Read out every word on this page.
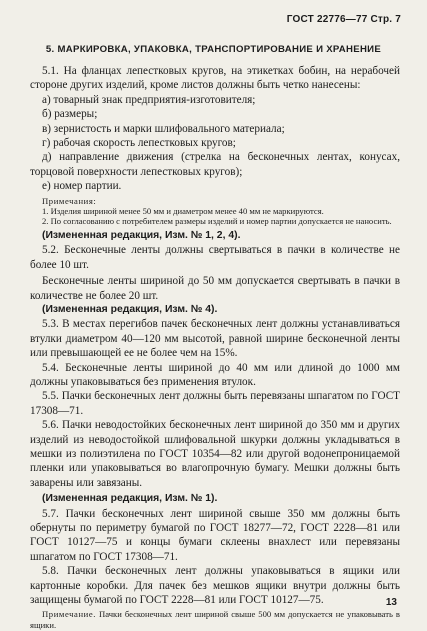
ГОСТ 22776—77 Стр. 7
5. МАРКИРОВКА, УПАКОВКА, ТРАНСПОРТИРОВАНИЕ И ХРАНЕНИЕ

5.1. На фланцах лепестковых кругов, на этикетках бобин, на нерабочей стороне других изделий, кроме листов должны быть четко нанесены:

а) товарный знак предприятия-изготовителя;

б) размеры;

в) зернистость и марки шлифовального материала;

г) рабочая скорость лепестковых кругов;

д) направление движения (стрелка на бесконечных лентах, конусах, торцовой поверхности лепестковых кругов);

е) номер партии.

Примечания:

1. Изделия шириной менее 50 мм и диаметром менее 40 мм не маркируются.

2. По согласованию с потребителем размеры изделий и номер партии допускается не наносить.

(Измененная редакция, Изм. № 1, 2, 4).

5.2. Бесконечные ленты должны свертываться в пачки в количестве не более 10 шт.

Бесконечные ленты шириной до 50 мм допускается свертывать в пачки в количестве не более 20 шт.

(Измененная редакция, Изм. № 4).

5.3. В местах перегибов пачек бесконечных лент должны устанавливаться втулки диаметром 40—120 мм высотой, равной ширине бесконечной ленты или превышающей ее не более чем на 15%.

5.4. Бесконечные ленты шириной до 40 мм или длиной до 1000 мм должны упаковываться без применения втулок.

5.5. Пачки бесконечных лент должны быть перевязаны шпагатом по ГОСТ 17308—71.

5.6. Пачки неводостойких бесконечных лент шириной до 350 мм и других изделий из неводостойкой шлифовальной шкурки должны укладываться в мешки из полиэтилена по ГОСТ 10354—82 или другой водонепроницаемой пленки или упаковываться во влагопрочную бумагу. Мешки должны быть заварены или завязаны.

(Измененная редакция, Изм. № 1).

5.7. Пачки бесконечных лент шириной свыше 350 мм должны быть обернуты по периметру бумагой по ГОСТ 18277—72, ГОСТ 2228—81 или ГОСТ 10127—75 и концы бумаги склеены внахлест или перевязаны шпагатом по ГОСТ 17308—71.

5.8. Пачки бесконечных лент должны упаковываться в ящики или картонные коробки. Для пачек без мешков ящики внутри должны быть защищены бумагой по ГОСТ 2228—81 или ГОСТ 10127—75.

Примечание. Пачки бесконечных лент шириной свыше 500 мм допускается не упаковывать в ящики.

13
